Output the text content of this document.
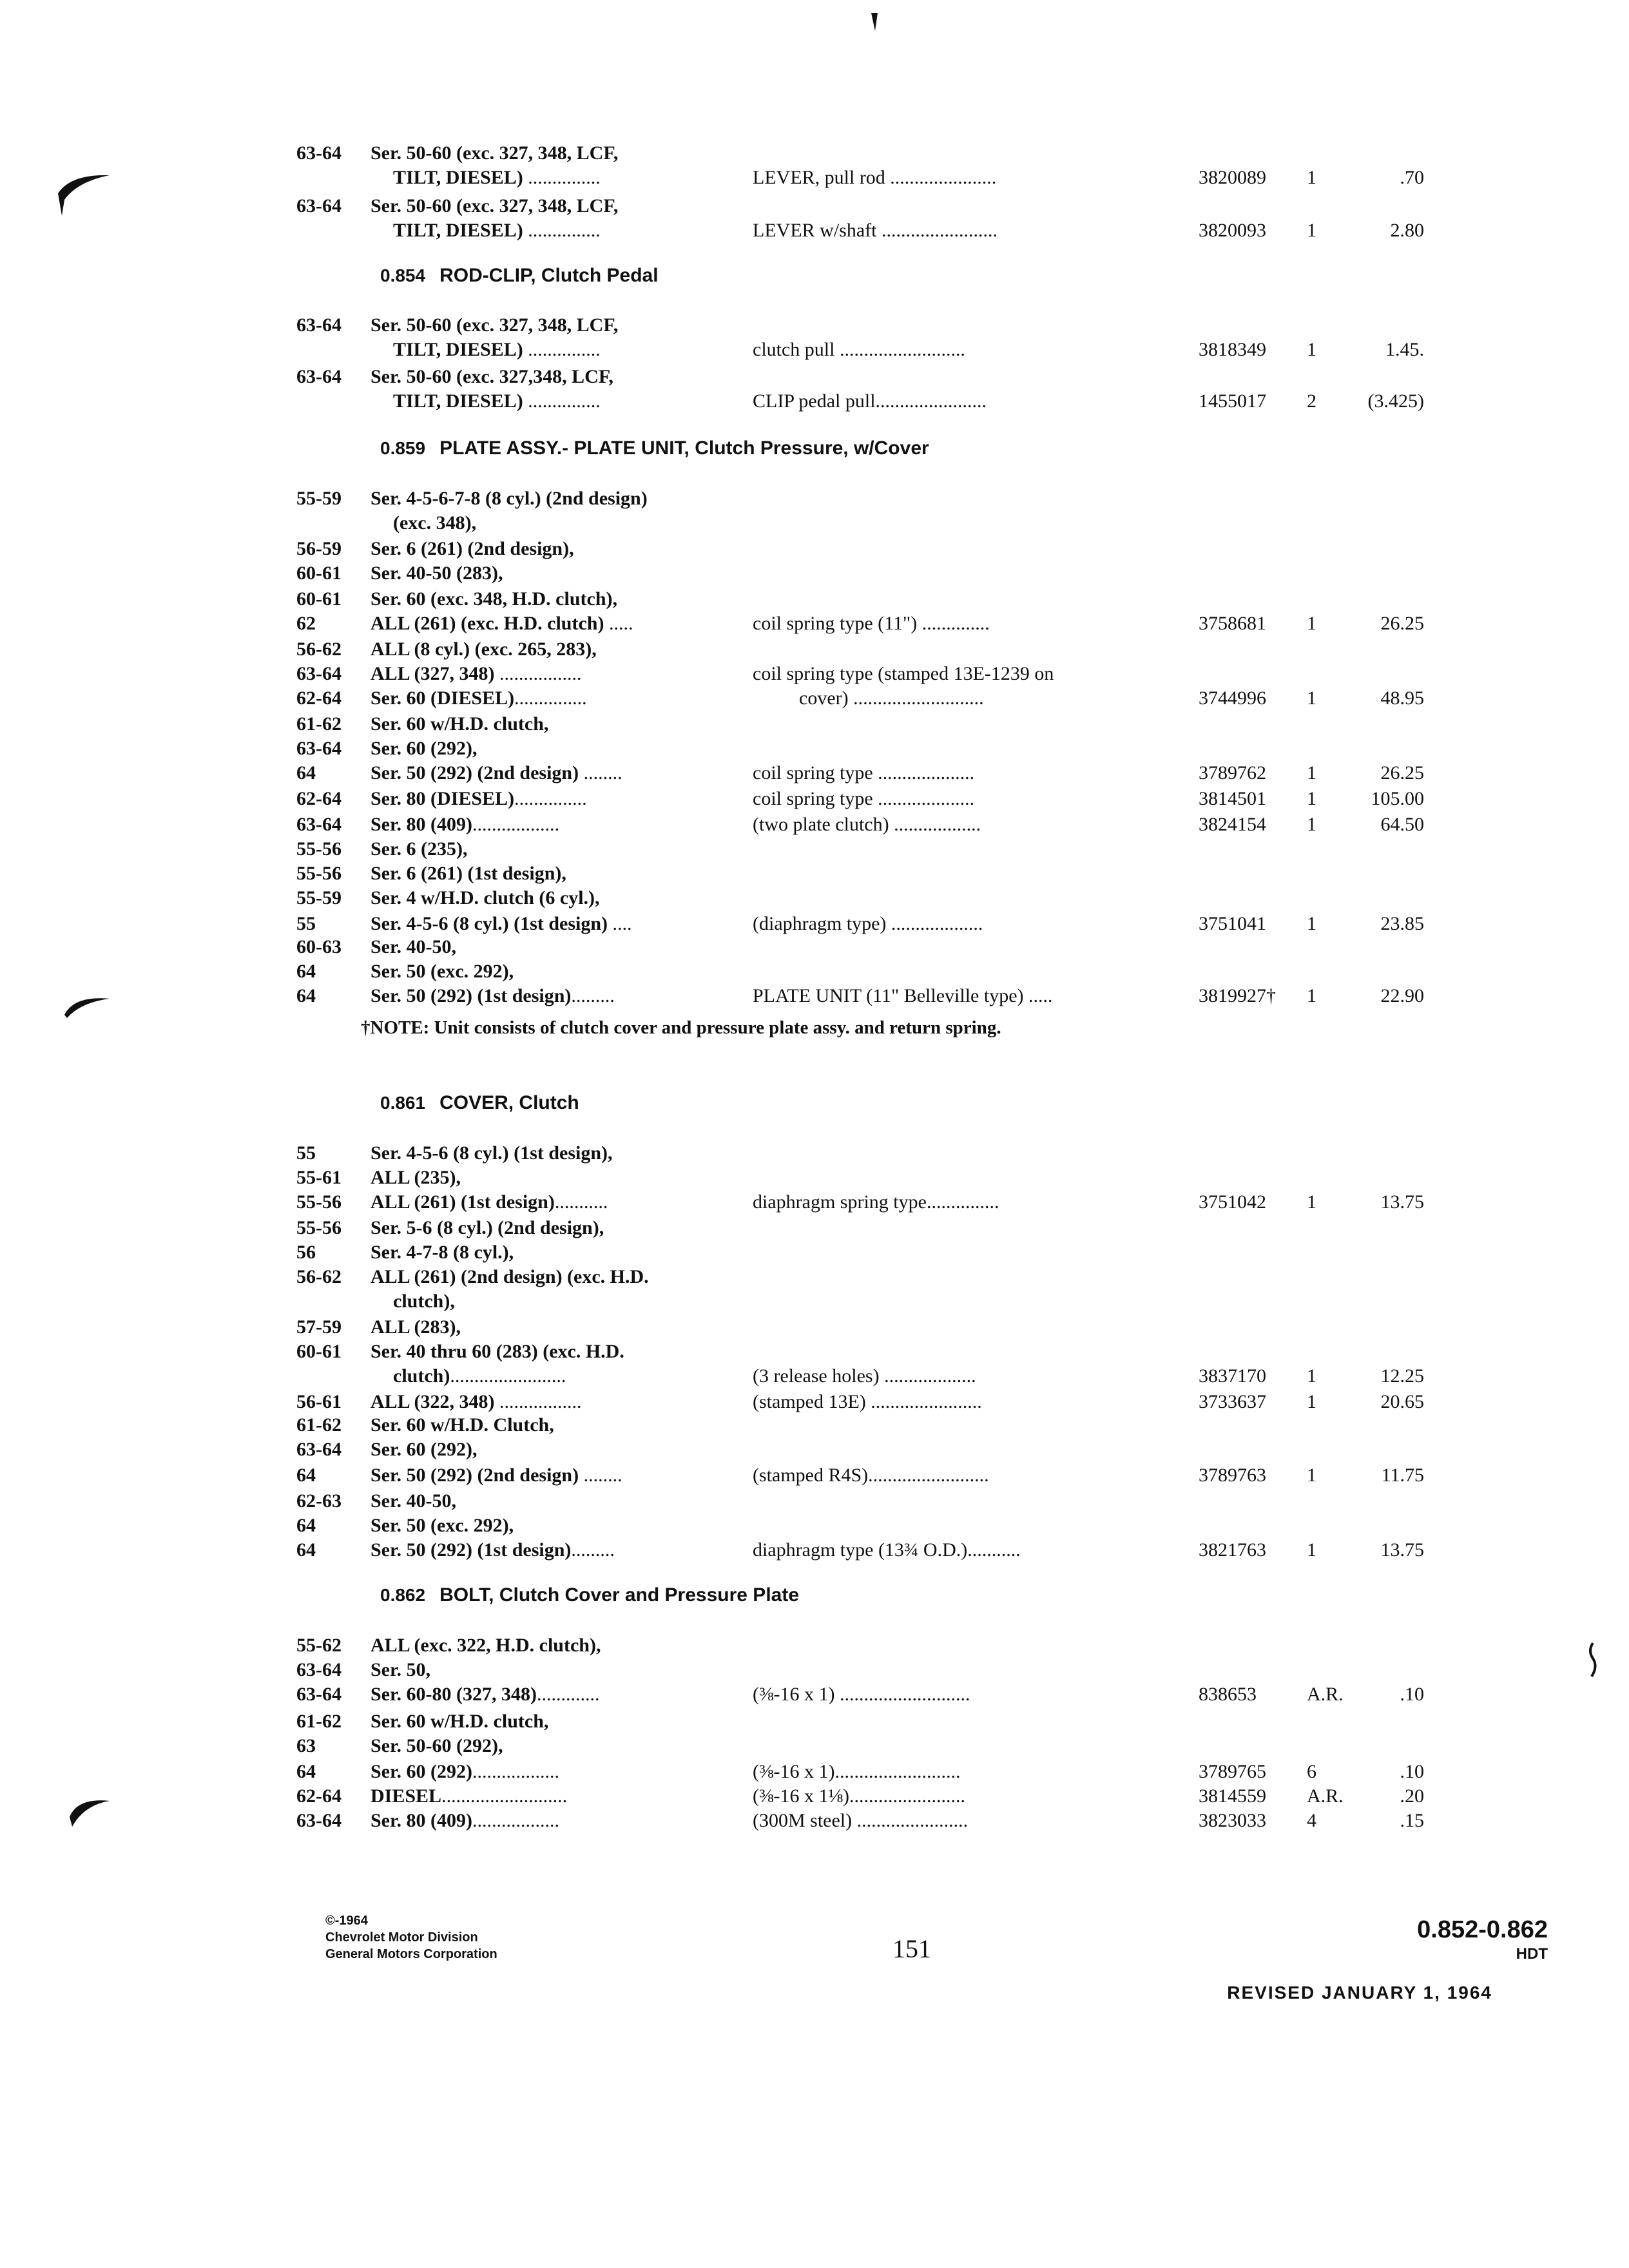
63-64 Ser. 50-60 (exc. 327, 348, LCF,
TILT, DIESEL) ...............	LEVER, pull rod ......................	3820089 1	.70
63-64 Ser. 50-60 (exc. 327, 348, LCF,
TILT, DIESEL) ...............	LEVER w/shaft ........................	3820093 1	2.80
0.854 ROD-CLIP, Clutch Pedal
63-64 Ser. 50-60 (exc. 327, 348, LCF,
TILT, DIESEL) ...............	clutch pull ..........................	3818349 1	1.45.
63-64 Ser. 50-60 (exc. 327,348, LCF,
TILT, DIESEL) ...............	CLIP pedal pull.......................	1455017 2	(3.425)
0.859 PLATE ASSY.- PLATE UNIT, Clutch Pressure, w/Cover
55-59 Ser. 4-5-6-7-8 (8 cyl.) (2nd design)
(exc. 348),
56-59 Ser. 6 (261) (2nd design),
60-61 Ser. 40-50 (283),
60-61 Ser. 60 (exc. 348, H.D. clutch),
62	ALL (261) (exc. H.D. clutch) .....	coil spring type (11") ..............	3758681 1	26.25
56-62 ALL (8 cyl.) (exc. 265, 283),
63-64 ALL (327, 348) .................	coil spring type (stamped 13E-1239 on
62-64 Ser. 60 (DIESEL)...............	cover) ...........................	3744996 1	48.95
61-62 Ser. 60 w/H.D. clutch,
63-64 Ser. 60 (292),
64	Ser. 50 (292) (2nd design) ........	coil spring type ....................	3789762 1	26.25
62-64 Ser. 80 (DIESEL)...............	coil spring type ....................	3814501 1	105.00
63-64 Ser. 80 (409)..................	(two plate clutch) ..................	3824154 1	64.50
55-56 Ser. 6 (235),
55-56 Ser. 6 (261) (1st design),
55-59 Ser. 4 w/H.D. clutch (6 cyl.),
55	Ser. 4-5-6 (8 cyl.) (1st design) ....	(diaphragm type) ...................	3751041 1	23.85
60-63 Ser. 40-50,
64	Ser. 50 (exc. 292),
64	Ser. 50 (292) (1st design).........	PLATE UNIT (11" Belleville type) .....	3819927† 1	22.90
†NOTE: Unit consists of clutch cover and pressure plate assy. and return spring.
0.861 COVER, Clutch
55	Ser. 4-5-6 (8 cyl.) (1st design),
55-61 ALL (235),
55-56 ALL (261) (1st design)...........	diaphragm spring type...............	3751042 1	13.75
55-56 Ser. 5-6 (8 cyl.) (2nd design),
56	Ser. 4-7-8 (8 cyl.),
56-62 ALL (261) (2nd design) (exc. H.D.
clutch),
57-59 ALL (283),
60-61 Ser. 40 thru 60 (283) (exc. H.D.
clutch)........................	(3 release holes) ...................	3837170 1	12.25
56-61 ALL (322, 348) .................	(stamped 13E) .......................	3733637 1	20.65
61-62 Ser. 60 w/H.D. Clutch,
63-64 Ser. 60 (292),
64	Ser. 50 (292) (2nd design) ........	(stamped R4S).........................	3789763 1	11.75
62-63 Ser. 40-50,
64	Ser. 50 (exc. 292),
64	Ser. 50 (292) (1st design).........	diaphragm type (13¾ O.D.)...........	3821763 1	13.75
0.862 BOLT, Clutch Cover and Pressure Plate
55-62 ALL (exc. 322, H.D. clutch),
63-64 Ser. 50,
63-64 Ser. 60-80 (327, 348).............	(⅜-16 x 1) ...........................	838653	A.R.	.10
61-62 Ser. 60 w/H.D. clutch,
63	Ser. 50-60 (292),
64	Ser. 60 (292)..................	(⅜-16 x 1)..........................	3789765 6	.10
62-64 DIESEL..........................	(⅜-16 x 1⅛)........................	3814559 A.R.	.20
63-64 Ser. 80 (409)..................	(300M steel) .......................	3823033 4	.15
©-1964
Chevrolet Motor Division
General Motors Corporation	151
0.852-0.862
HDT
REVISED JANUARY 1, 1964
